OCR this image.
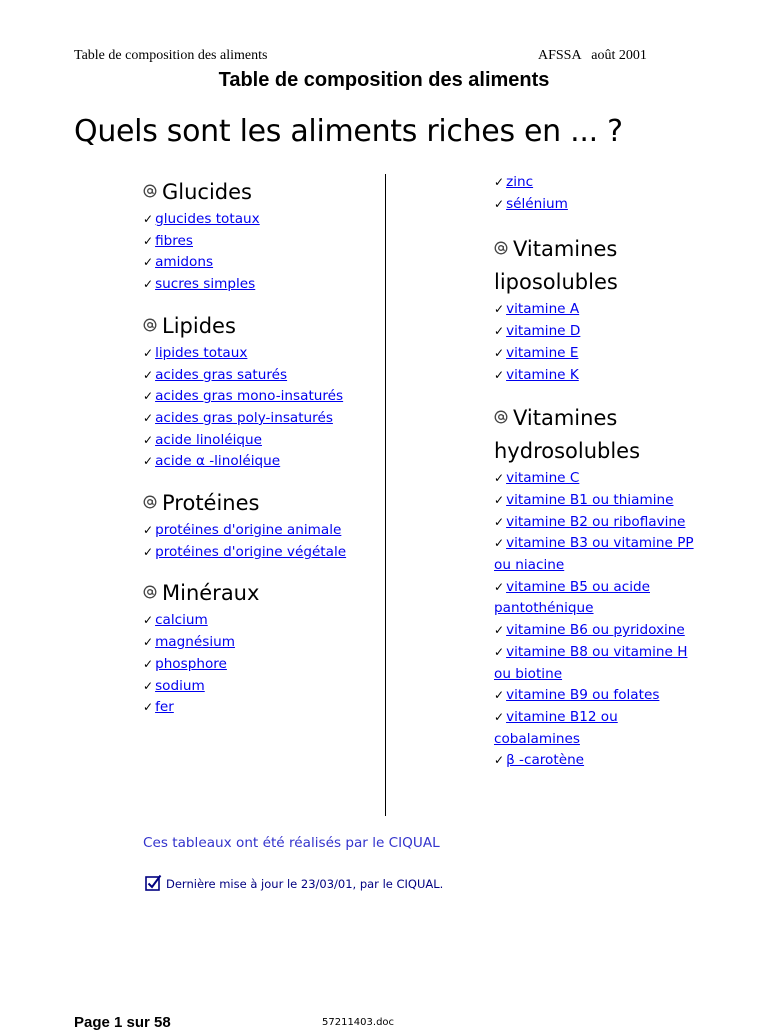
Table de composition des aliments	AFSSA   août 2001
Table de composition des aliments
Quels sont les aliments riches en ... ?
Glucides
✓ glucides totaux
✓ fibres
✓ amidons
✓ sucres simples
Lipides
✓ lipides totaux
✓ acides gras saturés
✓ acides gras mono-insaturés
✓ acides gras poly-insaturés
✓ acide linoléique
✓ acide α -linoléique
Protéines
✓ protéines d'origine animale
✓ protéines d'origine végétale
Minéraux
✓ calcium
✓ magnésium
✓ phosphore
✓ sodium
✓ fer
✓ zinc
✓ sélénium
Vitamines liposolubles
✓ vitamine A
✓ vitamine D
✓ vitamine E
✓ vitamine K
Vitamines hydrosolubles
✓ vitamine C
✓ vitamine B1 ou thiamine
✓ vitamine B2 ou riboflavine
✓ vitamine B3 ou vitamine PP ou niacine
✓ vitamine B5 ou acide pantothénique
✓ vitamine B6 ou pyridoxine
✓ vitamine B8 ou vitamine H ou biotine
✓ vitamine B9 ou folates
✓ vitamine B12 ou cobalamines
✓ β -carotène
Ces tableaux ont été réalisés par le CIQUAL
Dernière mise à jour le 23/03/01, par le CIQUAL.
Page 1 sur 58	57211403.doc
